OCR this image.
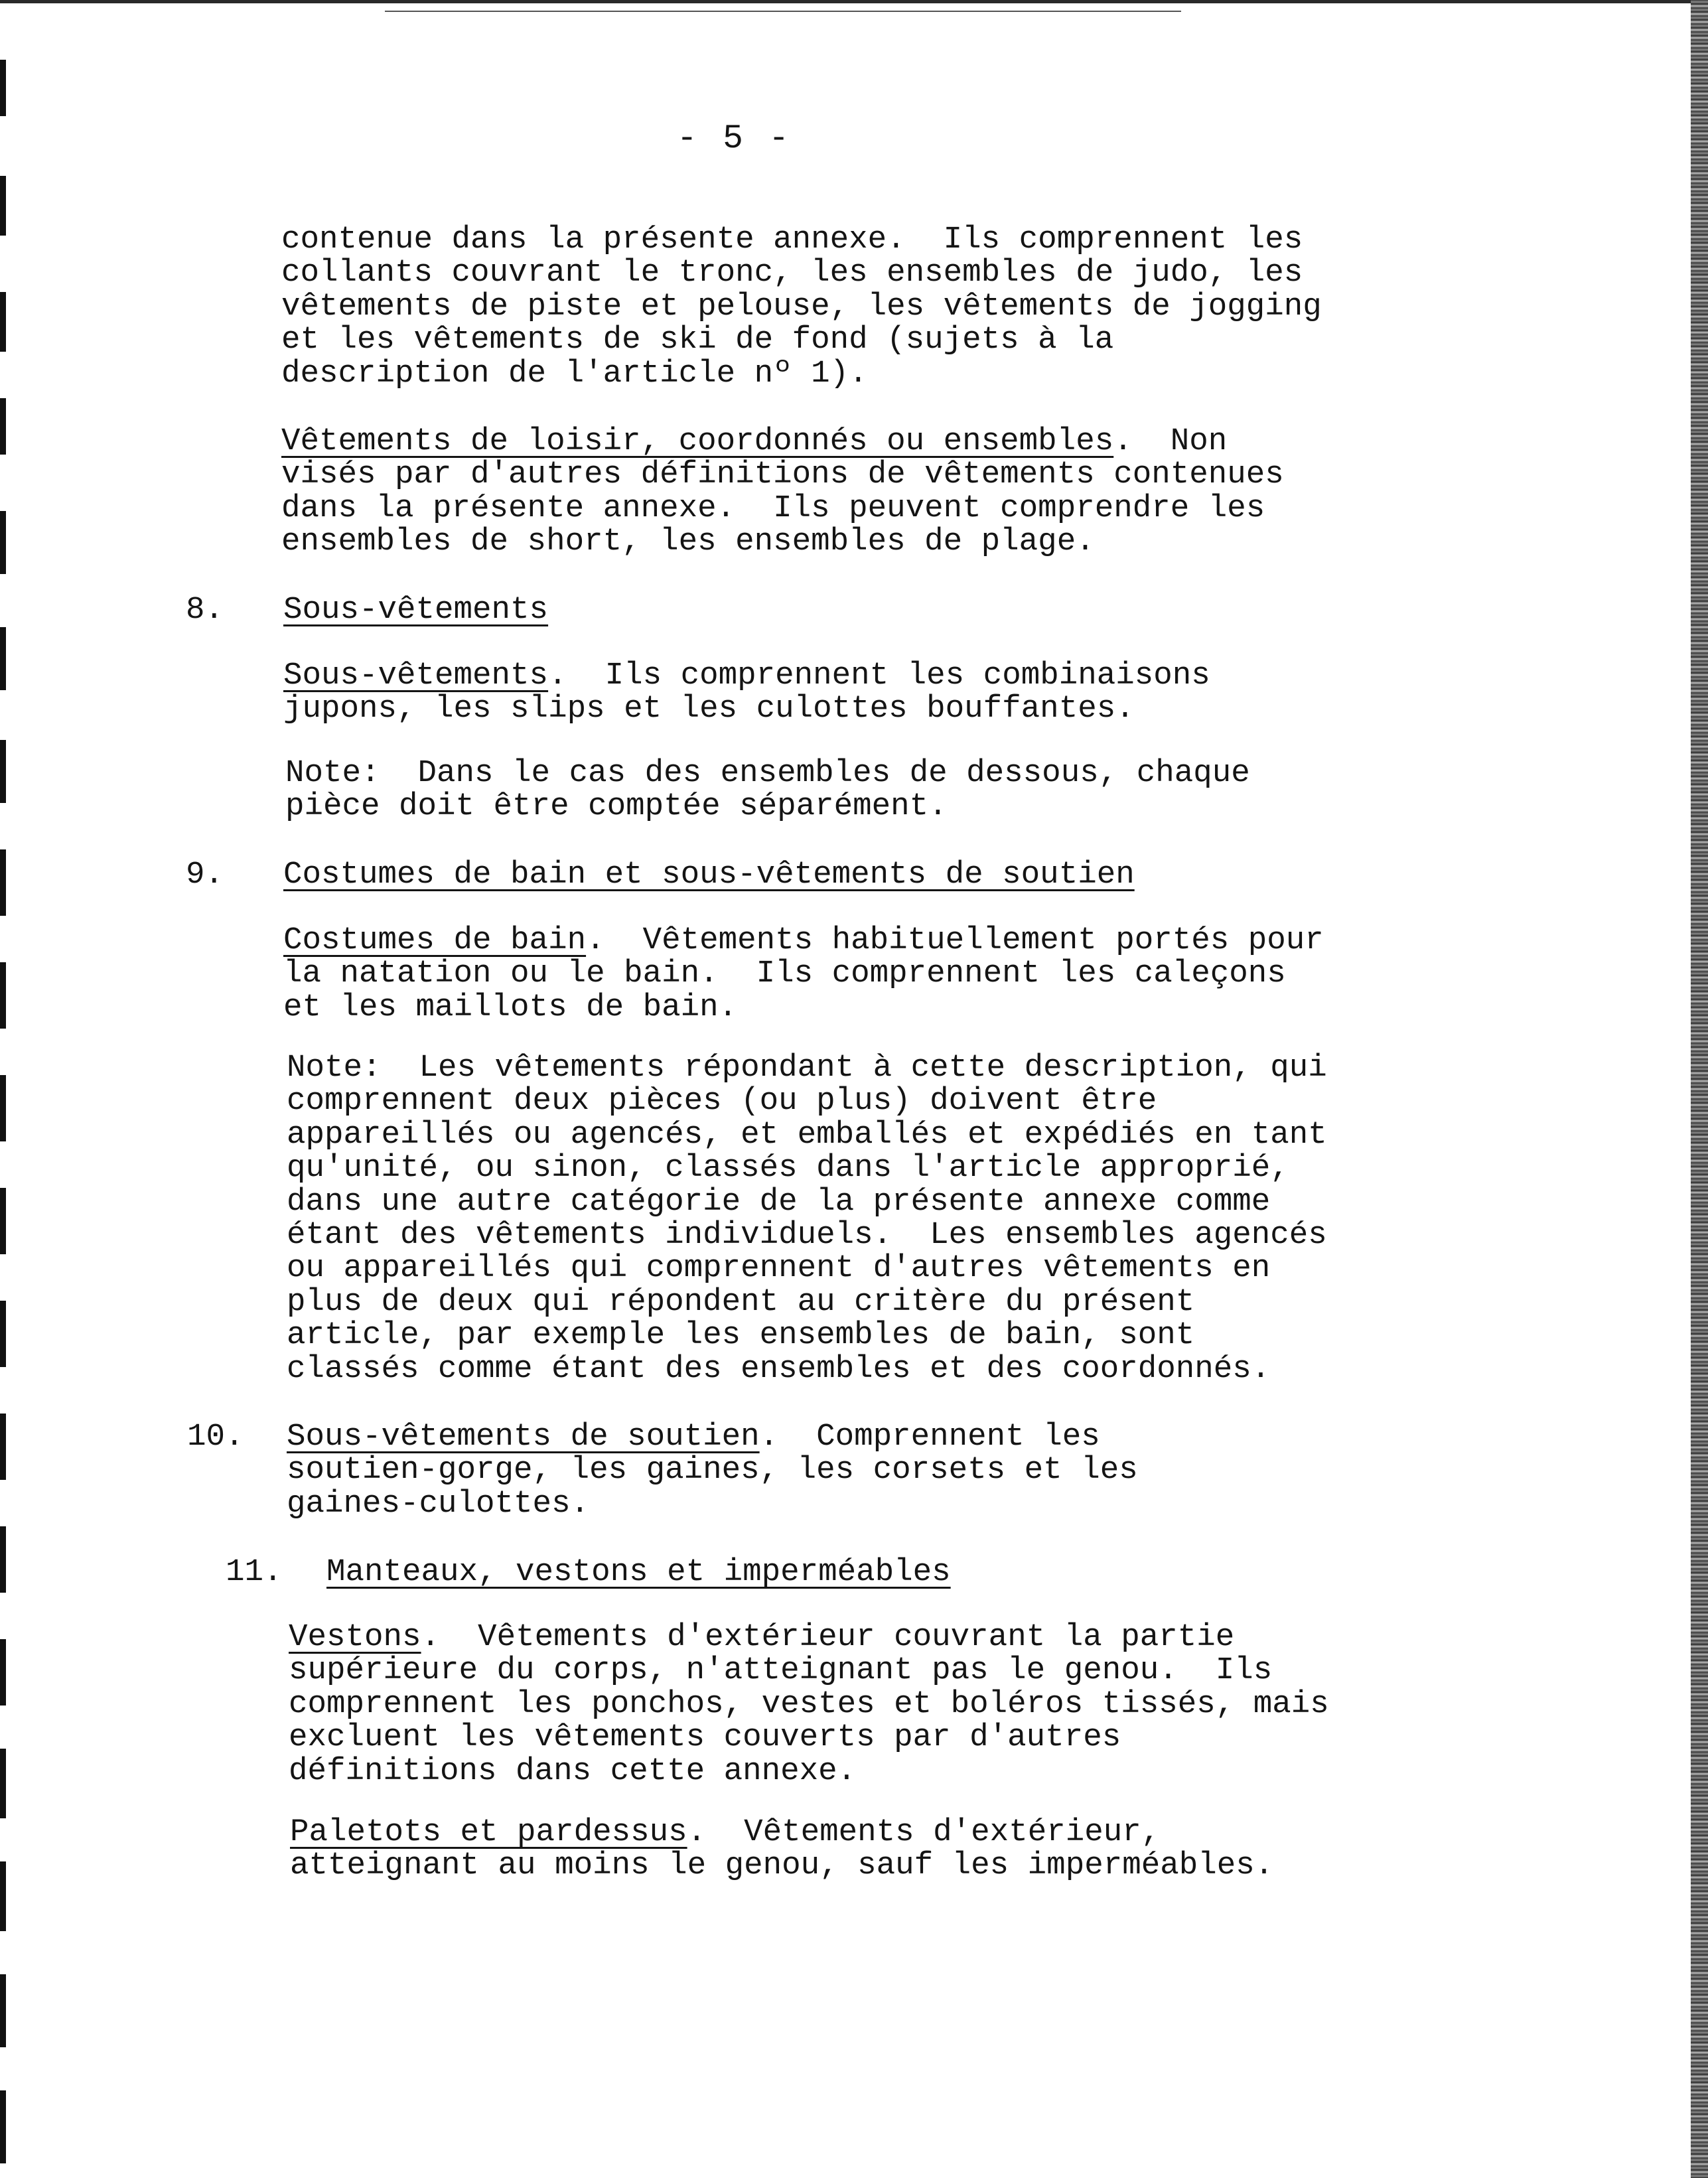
- 5 -
contenue dans la présente annexe.  Ils comprennent les
collants couvrant le tronc, les ensembles de judo, les
vêtements de piste et pelouse, les vêtements de jogging
et les vêtements de ski de fond (sujets à la
description de l'article nº 1).
Vêtements de loisir, coordonnés ou ensembles.  Non
visés par d'autres définitions de vêtements contenues
dans la présente annexe.  Ils peuvent comprendre les
ensembles de short, les ensembles de plage.
8. Sous-vêtements
Sous-vêtements.  Ils comprennent les combinaisons
jupons, les slips et les culottes bouffantes.
Note:  Dans le cas des ensembles de dessous, chaque
pièce doit être comptée séparément.
9. Costumes de bain et sous-vêtements de soutien
Costumes de bain.  Vêtements habituellement portés pour
la natation ou le bain.  Ils comprennent les caleçons
et les maillots de bain.
Note:  Les vêtements répondant à cette description, qui
comprennent deux pièces (ou plus) doivent être
appareillés ou agencés, et emballés et expédiés en tant
qu'unité, ou sinon, classés dans l'article approprié,
dans une autre catégorie de la présente annexe comme
étant des vêtements individuels.  Les ensembles agencés
ou appareillés qui comprennent d'autres vêtements en
plus de deux qui répondent au critère du présent
article, par exemple les ensembles de bain, sont
classés comme étant des ensembles et des coordonnés.
10. Sous-vêtements de soutien.  Comprennent les
soutien-gorge, les gaines, les corsets et les
gaines-culottes.
11. Manteaux, vestons et imperméables
Vestons.  Vêtements d'extérieur couvrant la partie
supérieure du corps, n'atteignant pas le genou.  Ils
comprennent les ponchos, vestes et boléros tissés, mais
excluent les vêtements couverts par d'autres
définitions dans cette annexe.
Paletots et pardessus.  Vêtements d'extérieur,
atteignant au moins le genou, sauf les imperméables.
